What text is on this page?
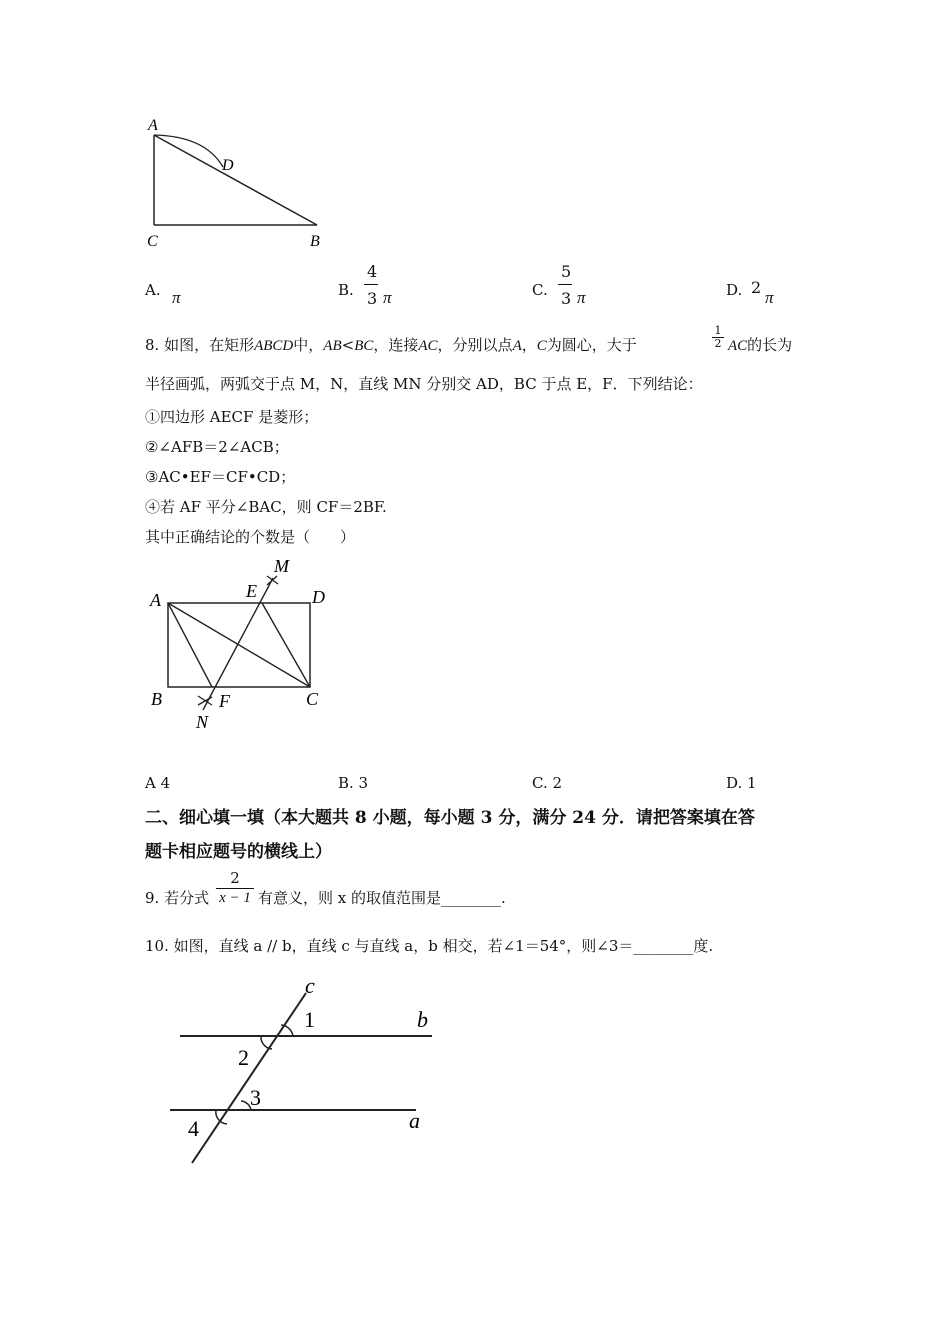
A
D
C	B
A. π	B.
4
3 π	C.
5
3 π	D. 2
π
8. 如图，在矩形ABCD中，AB<BC，连接AC，分别以点A，C为圆心，大于
1
2 AC的长为
半径画弧，两弧交于点 M，N，直线 MN 分别交 AD，BC 于点 E，F．下列结论：
①四边形 AECF 是菱形；
②∠AFB＝2∠ACB；
③AC•EF＝CF•CD；
④若 AF 平分∠BAC，则 CF＝2BF.
其中正确结论的个数是（　　）
M
A	E	D
B	F	C
N
A 4	B. 3	C. 2	D. 1
二、细心填一填（本大题共 8 小题，每小题 3 分，满分 24 分．请把答案填在答
题卡相应题号的横线上）
9. 若分式
2
x − 1 有意义，则 x 的取值范围是________.
10. 如图，直线 a // b，直线 c 与直线 a，b 相交，若∠1＝54°，则∠3＝________度.
c
1	b
2
3
4	a
